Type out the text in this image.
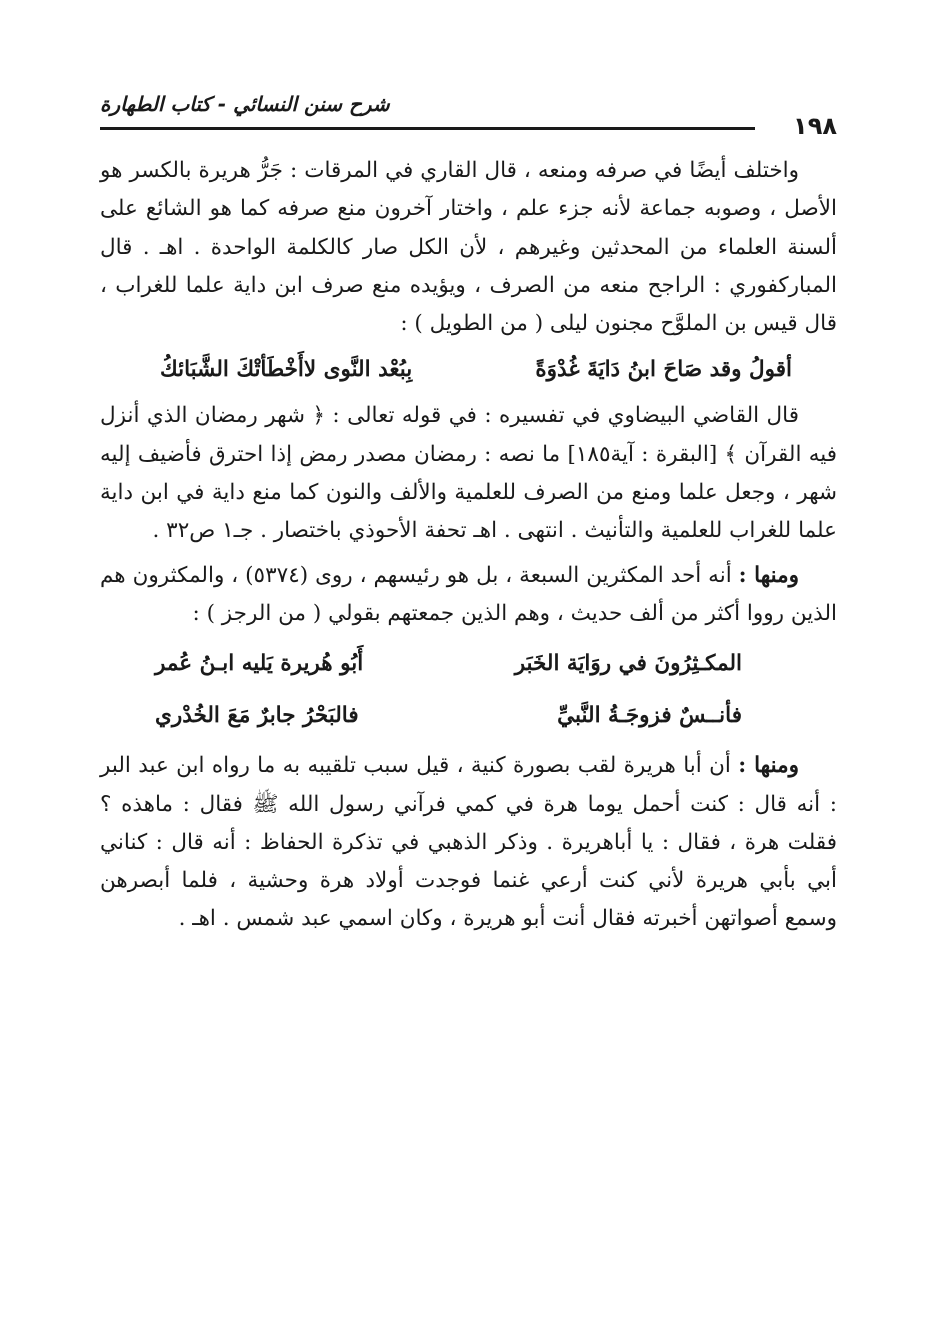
١٩٨
شرح سنن النسائي - كتاب الطهارة

واختلف أيضًا في صرفه ومنعه ، قال القاري في المرقات : جَرُّ هريرة بالكسر هو الأصل ، وصوبه جماعة لأنه جزء علم ، واختار آخرون منع صرفه كما هو الشائع على ألسنة العلماء من المحدثين وغيرهم ، لأن الكل صار كالكلمة الواحدة . اهـ . قال المباركفوري : الراجح منعه من الصرف ، ويؤيده منع صرف ابن داية علما للغراب ، قال قيس بن الملوَّح مجنون ليلى ( من الطويل ) :

أقولُ وقد صَاحَ ابنُ دَايَةَ غُدْوَةً
بِبُعْد النَّوى لاأَخْطَأتْكَ الشَّبَائكُ

قال القاضي البيضاوي في تفسيره : في قوله تعالى : ﴿ شهر رمضان الذي أنزل فيه القرآن ﴾ [البقرة : آية١٨٥] ما نصه : رمضان مصدر رمض إذا احترق فأضيف إليه شهر ، وجعل علما ومنع من الصرف للعلمية والألف والنون كما منع داية في ابن داية علما للغراب للعلمية والتأنيث . انتهى . اهـ تحفة الأحوذي باختصار . جـ١ ص٣٢ .

ومنها : أنه أحد المكثرين السبعة ، بل هو رئيسهم ، روى (٥٣٧٤) ، والمكثرون هم الذين رووا أكثر من ألف حديث ، وهم الذين جمعتهم بقولي ( من الرجز ) :

المكـثِرُونَ في روَايَة الخَبَر
أَبُو هُريرة يَليه ابـنُ عُمر
فأنــسٌ فزوجَـةُ النَّبيِّ
فالبَحْرُ جابرٌ مَعَ الخُدْري

ومنها : أن أبا هريرة لقب بصورة كنية ، قيل سبب تلقيبه به ما رواه ابن عبد البر : أنه قال : كنت أحمل يوما هرة في كمي فرآني رسول الله ﷺ فقال : ماهذه ؟ فقلت هرة ، فقال : يا أباهريرة . وذكر الذهبي في تذكرة الحفاظ : أنه قال : كناني أبي بأبي هريرة لأني كنت أرعي غنما فوجدت أولاد هرة وحشية ، فلما أبصرهن وسمع أصواتهن أخبرته فقال أنت أبو هريرة ، وكان اسمي عبد شمس . اهـ .
